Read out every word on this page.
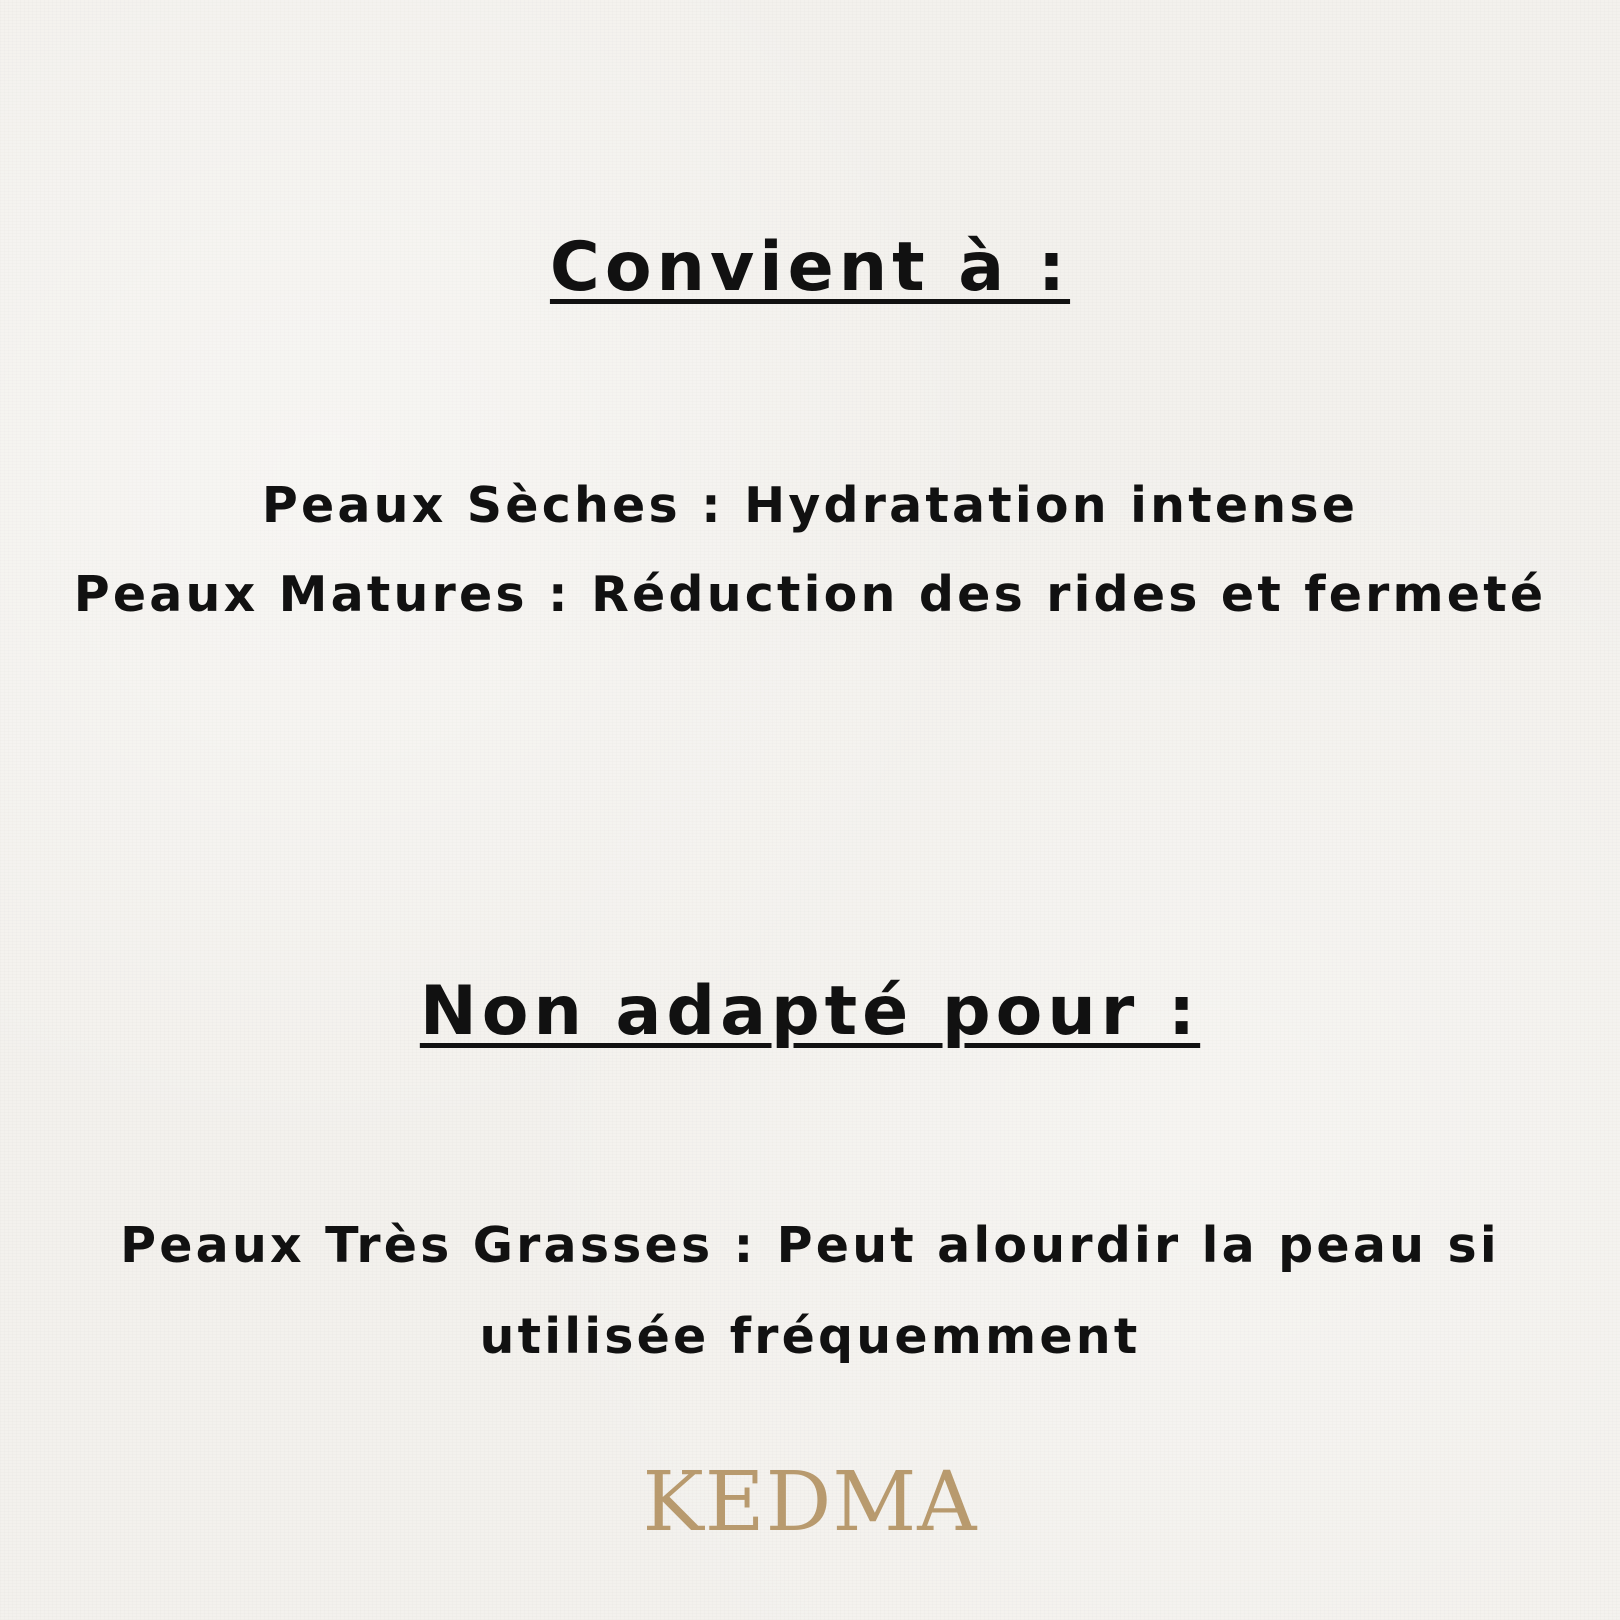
Convient à :

Peaux Sèches : Hydratation intense

Peaux Matures : Réduction des rides et fermeté

Non adapté pour :

Peaux Très Grasses : Peut alourdir la peau si

utilisée fréquemment

KEDMA
